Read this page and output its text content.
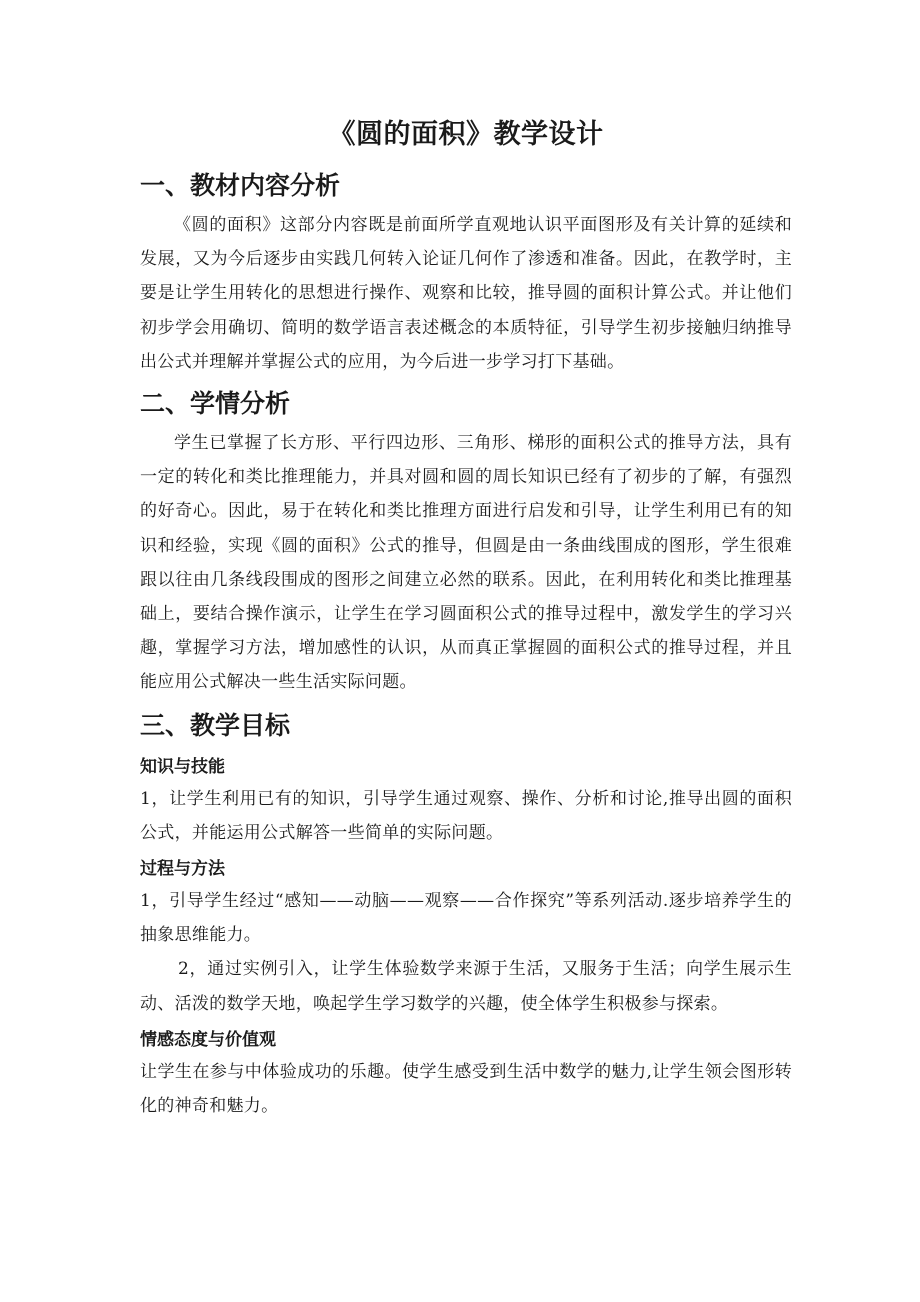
《圆的面积》教学设计
一、教材内容分析

《圆的面积》这部分内容既是前面所学直观地认识平面图形及有关计算的延续和发展，又为今后逐步由实践几何转入论证几何作了渗透和准备。因此，在教学时，主要是让学生用转化的思想进行操作、观察和比较，推导圆的面积计算公式。并让他们初步学会用确切、简明的数学语言表述概念的本质特征，引导学生初步接触归纳推导出公式并理解并掌握公式的应用，为今后进一步学习打下基础。

二、学情分析

学生已掌握了长方形、平行四边形、三角形、梯形的面积公式的推导方法，具有一定的转化和类比推理能力，并具对圆和圆的周长知识已经有了初步的了解，有强烈的好奇心。因此，易于在转化和类比推理方面进行启发和引导，让学生利用已有的知识和经验，实现《圆的面积》公式的推导，但圆是由一条曲线围成的图形，学生很难跟以往由几条线段围成的图形之间建立必然的联系。因此，在利用转化和类比推理基础上，要结合操作演示，让学生在学习圆面积公式的推导过程中，激发学生的学习兴趣，掌握学习方法，增加感性的认识，从而真正掌握圆的面积公式的推导过程，并且能应用公式解决一些生活实际问题。

三、教学目标
知识与技能

1，让学生利用已有的知识，引导学生通过观察、操作、分析和讨论,推导出圆的面积公式，并能运用公式解答一些简单的实际问题。

过程与方法

1，引导学生经过“感知——动脑——观察——合作探究”等系列活动.逐步培养学生的抽象思维能力。

2，通过实例引入，让学生体验数学来源于生活，又服务于生活；向学生展示生动、活泼的数学天地，唤起学生学习数学的兴趣，使全体学生积极参与探索。

情感态度与价值观

让学生在参与中体验成功的乐趣。使学生感受到生活中数学的魅力,让学生领会图形转化的神奇和魅力。
